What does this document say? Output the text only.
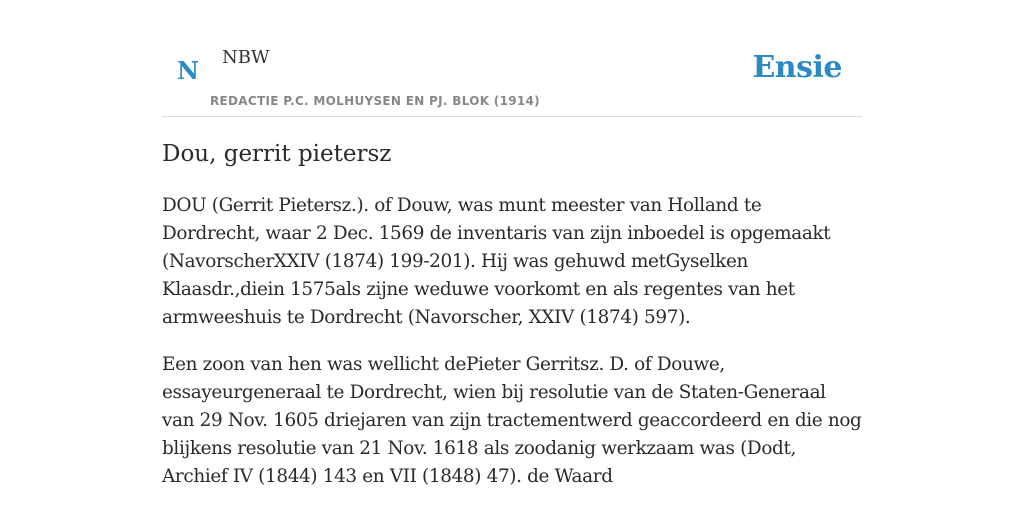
N NBW
REDACTIE P.C. MOLHUYSEN EN PJ. BLOK (1914)
Ensie
Dou, gerrit pietersz

DOU (Gerrit Pietersz.). of Douw, was munt meester van Holland te Dordrecht, waar 2 Dec. 1569 de inventaris van zijn inboedel is opgemaakt (NavorscherXXIV (1874) 199-201). Hij was gehuwd metGyselken Klaasdr.,diein 1575als zijne weduwe voorkomt en als regentes van het armweeshuis te Dordrecht (Navorscher, XXIV (1874) 597).

Een zoon van hen was wellicht dePieter Gerritsz. D. of Douwe, essayeurgeneraal te Dordrecht, wien bij resolutie van de Staten-Generaal van 29 Nov. 1605 driejaren van zijn tractementwerd geaccordeerd en die nog blijkens resolutie van 21 Nov. 1618 als zoodanig werkzaam was (Dodt, Archief IV (1844) 143 en VII (1848) 47). de Waard
